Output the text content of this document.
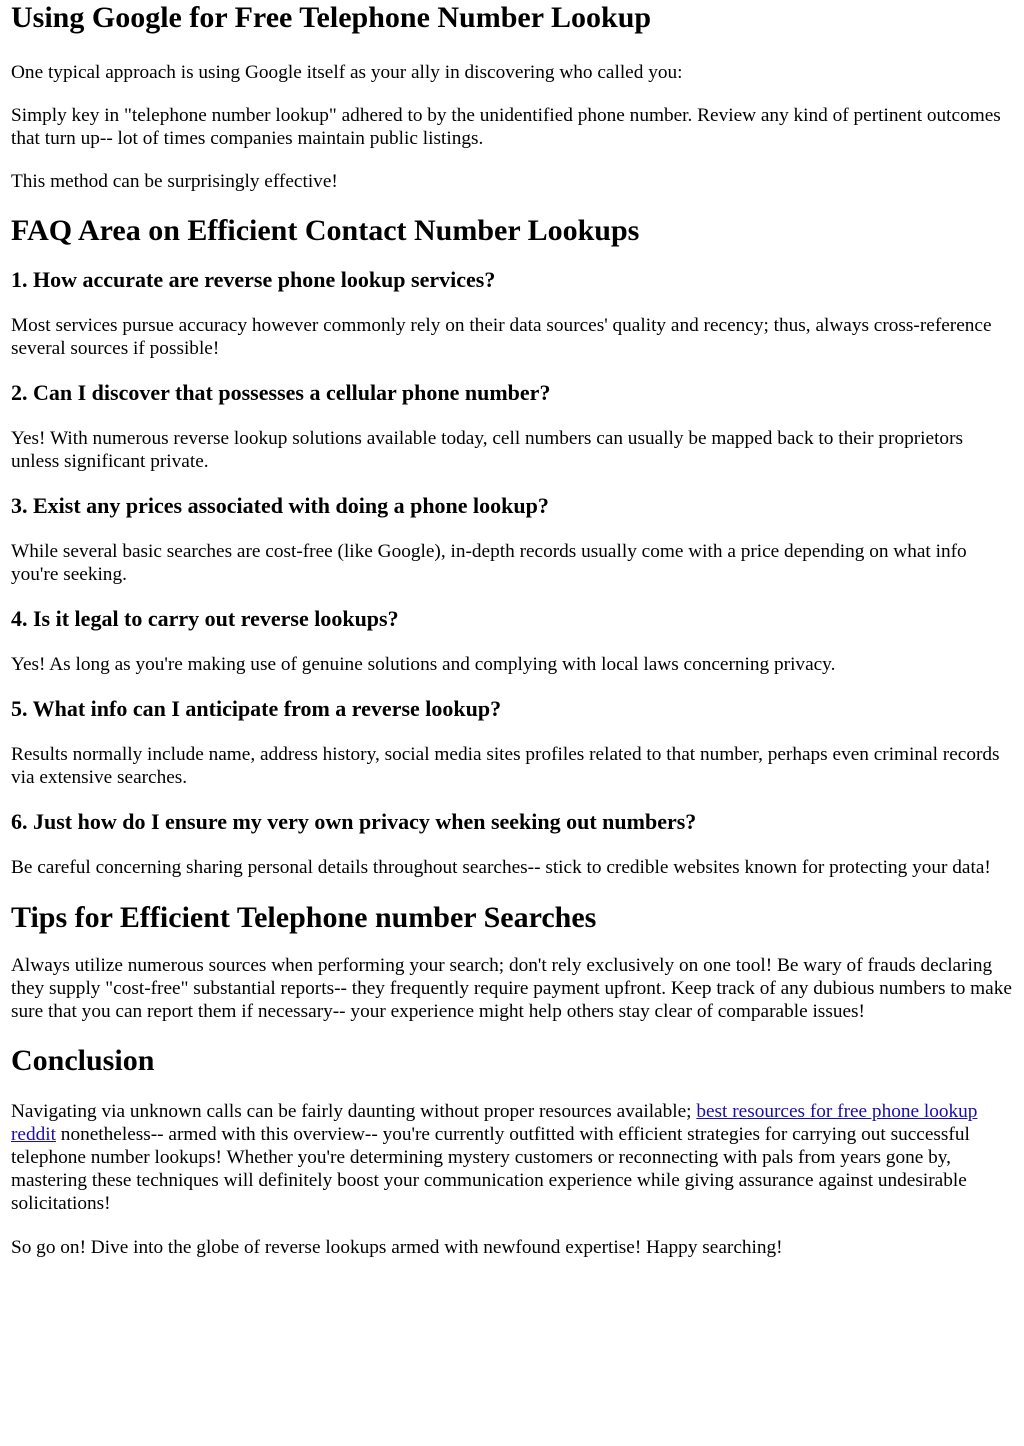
Using Google for Free Telephone Number Lookup

One typical approach is using Google itself as your ally in discovering who called you:

Simply key in "telephone number lookup" adhered to by the unidentified phone number. Review any kind of pertinent outcomes that turn up-- lot of times companies maintain public listings.

This method can be surprisingly effective!

FAQ Area on Efficient Contact Number Lookups
1. How accurate are reverse phone lookup services?

Most services pursue accuracy however commonly rely on their data sources' quality and recency; thus, always cross-reference several sources if possible!

2. Can I discover that possesses a cellular phone number?

Yes! With numerous reverse lookup solutions available today, cell numbers can usually be mapped back to their proprietors unless significant private.

3. Exist any prices associated with doing a phone lookup?

While several basic searches are cost-free (like Google), in-depth records usually come with a price depending on what info you're seeking.

4. Is it legal to carry out reverse lookups?

Yes! As long as you're making use of genuine solutions and complying with local laws concerning privacy.

5. What info can I anticipate from a reverse lookup?

Results normally include name, address history, social media sites profiles related to that number, perhaps even criminal records via extensive searches.

6. Just how do I ensure my very own privacy when seeking out numbers?

Be careful concerning sharing personal details throughout searches-- stick to credible websites known for protecting your data!

Tips for Efficient Telephone number Searches

Always utilize numerous sources when performing your search; don't rely exclusively on one tool! Be wary of frauds declaring they supply "cost-free" substantial reports-- they frequently require payment upfront. Keep track of any dubious numbers to make sure that you can report them if necessary-- your experience might help others stay clear of comparable issues!

Conclusion

Navigating via unknown calls can be fairly daunting without proper resources available; best resources for free phone lookup reddit nonetheless-- armed with this overview-- you're currently outfitted with efficient strategies for carrying out successful telephone number lookups! Whether you're determining mystery customers or reconnecting with pals from years gone by, mastering these techniques will definitely boost your communication experience while giving assurance against undesirable solicitations!

So go on! Dive into the globe of reverse lookups armed with newfound expertise! Happy searching!
